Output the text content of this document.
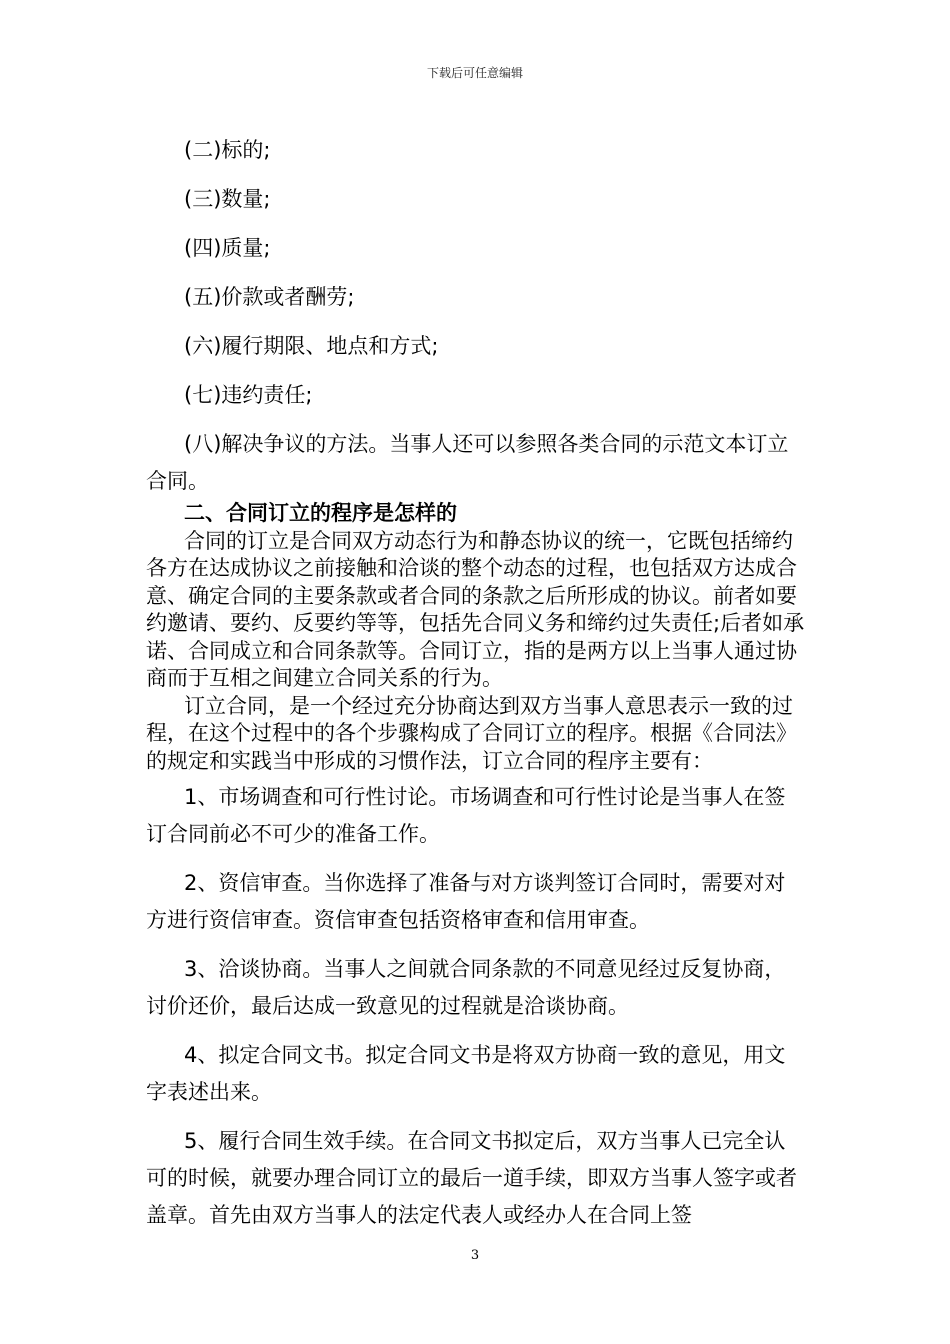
下载后可任意编辑

(二)标的;

(三)数量;

(四)质量;

(五)价款或者酬劳;

(六)履行期限、地点和方式;

(七)违约责任;

(八)解决争议的方法。当事人还可以参照各类合同的示范文本订立合同。

二、合同订立的程序是怎样的

合同的订立是合同双方动态行为和静态协议的统一，它既包括缔约各方在达成协议之前接触和洽谈的整个动态的过程，也包括双方达成合意、确定合同的主要条款或者合同的条款之后所形成的协议。前者如要约邀请、要约、反要约等等，包括先合同义务和缔约过失责任;后者如承诺、合同成立和合同条款等。合同订立，指的是两方以上当事人通过协商而于互相之间建立合同关系的行为。

订立合同，是一个经过充分协商达到双方当事人意思表示一致的过程，在这个过程中的各个步骤构成了合同订立的程序。根据《合同法》的规定和实践当中形成的习惯作法，订立合同的程序主要有：

1、市场调查和可行性讨论。市场调查和可行性讨论是当事人在签订合同前必不可少的准备工作。

2、资信审查。当你选择了准备与对方谈判签订合同时，需要对对方进行资信审查。资信审查包括资格审查和信用审查。

3、洽谈协商。当事人之间就合同条款的不同意见经过反复协商，讨价还价，最后达成一致意见的过程就是洽谈协商。

4、拟定合同文书。拟定合同文书是将双方协商一致的意见，用文字表述出来。

5、履行合同生效手续。在合同文书拟定后，双方当事人已完全认可的时候，就要办理合同订立的最后一道手续，即双方当事人签字或者盖章。首先由双方当事人的法定代表人或经办人在合同上签

3
